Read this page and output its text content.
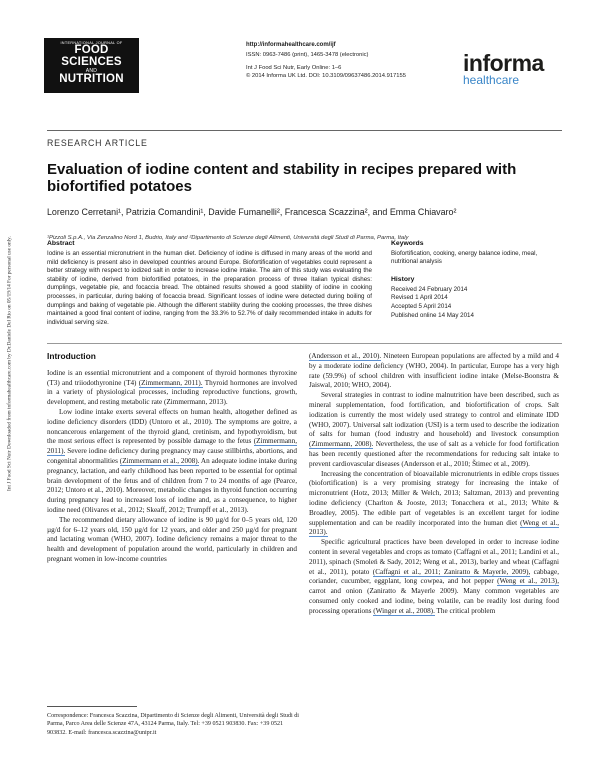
Int J Food Sci Nutr Downloaded from informahealthcare.com by Dr.Daniele Del Rio on 05/19/14 For personal use only.
INTERNATIONAL JOURNAL OF
FOOD
SCIENCES
AND
NUTRITION
http://informahealthcare.com/ijf
ISSN: 0963-7486 (print), 1465-3478 (electronic)
Int J Food Sci Nutr, Early Online: 1–6
© 2014 Informa UK Ltd. DOI: 10.3109/09637486.2014.917155	informa
healthcare
RESEARCH ARTICLE
Evaluation of iodine content and stability in recipes prepared with biofortified potatoes
Lorenzo Cerretani¹, Patrizia Comandini¹, Davide Fumanelli², Francesca Scazzina², and Emma Chiavaro²
¹Pizzoli S.p.A., Via Zenzalino Nord 1, Budrio, Italy and ²Dipartimento di Scienze degli Alimenti, Università degli Studi di Parma, Parma, Italy
Abstract
Iodine is an essential micronutrient in the human diet. Deficiency of iodine is diffused in many areas of the world and mild deficiency is present also in developed countries around Europe. Biofortification of vegetables could represent a better strategy with respect to iodized salt in order to increase iodine intake. The aim of this study was evaluating the stability of iodine, derived from biofortified potatoes, in the preparation process of three Italian typical dishes: dumplings, vegetable pie, and focaccia bread. The obtained results showed a good stability of iodine in cooking processes, in particular, during baking of focaccia bread. Significant losses of iodine were detected during boiling of dumplings and baking of vegetable pie. Although the different stability during the cooking processes, the three dishes maintained a good final content of iodine, ranging from the 33.3% to 52.7% of daily recommended intake in adults for individual serving size.
Keywords
Biofortification, cooking, energy balance iodine, meal, nutritional analysis
History
Received 24 February 2014
Revised 1 April 2014
Accepted 5 April 2014
Published online 14 May 2014
Introduction

Iodine is an essential micronutrient and a component of thyroid hormones thyroxine (T3) and triiodothyronine (T4) (Zimmermann, 2011). Thyroid hormones are involved in a variety of physiological processes, including reproductive functions, growth, development, and resting metabolic rate (Zimmermann, 2013).

Low iodine intake exerts several effects on human health, altogether defined as iodine deficiency disorders (IDD) (Untoro et al., 2010). The symptoms are goitre, a noncancerous enlargement of the thyroid gland, cretinism, and hypothyroidism, but the most serious effect is represented by possible damage to the fetus (Zimmermann, 2011). Severe iodine deficiency during pregnancy may cause stillbirths, abortions, and congenital abnormalities (Zimmermann et al., 2008). An adequate iodine intake during pregnancy, lactation, and early childhood has been reported to be essential for optimal brain development of the fetus and of children from 7 to 24 months of age (Pearce, 2012; Untoro et al., 2010). Moreover, metabolic changes in thyroid function occurring during pregnancy lead to increased loss of iodine and, as a consequence, to higher iodine need (Olivares et al., 2012; Skeaff, 2012; Trumpff et al., 2013).

The recommended dietary allowance of iodine is 90 µg/d for 0–5 years old, 120 µg/d for 6–12 years old, 150 µg/d for 12 years, and older and 250 µg/d for pregnant and lactating woman (WHO, 2007). Iodine deficiency remains a major threat to the health and development of population around the world, particularly in children and pregnant women in low-income countries

(Andersson et al., 2010). Nineteen European populations are affected by a mild and 4 by a moderate iodine deficiency (WHO, 2004). In particular, Europe has a very high rate (59.9%) of school children with insufficient iodine intake (Melse-Boonstra & Jaiswal, 2010; WHO, 2004).

Several strategies in contrast to iodine malnutrition have been described, such as mineral supplementation, food fortification, and biofortification of crops. Salt iodization is currently the most widely used strategy to control and eliminate IDD (WHO, 2007). Universal salt iodization (USI) is a term used to describe the iodization of salts for human (food industry and household) and livestock consumption (Zimmermann, 2008). Nevertheless, the use of salt as a vehicle for food fortification has been recently questioned after the recommendations for reducing salt intake to prevent cardiovascular diseases (Andersson et al., 2010; Štimec et al., 2009).

Increasing the concentration of bioavailable micronutrients in edible crops tissues (biofortification) is a very promising strategy for increasing the intake of micronutrient (Hotz, 2013; Miller & Welch, 2013; Saltzman, 2013) and preventing iodine deficiency (Charlton & Jooste, 2013; Tonacchera et al., 2013; White & Broadley, 2005). The edible part of vegetables is an excellent target for iodine supplementation and can be readily incorporated into the human diet (Weng et al., 2013).

Specific agricultural practices have been developed in order to increase iodine content in several vegetables and crops as tomato (Caffagni et al., 2011; Landini et al., 2011), spinach (Smoleń & Sady, 2012; Weng et al., 2013), barley and wheat (Caffagni et al., 2011), potato (Caffagni et al., 2011; Zaniratto & Mayerle, 2009), cabbage, coriander, cucumber, eggplant, long cowpea, and hot pepper (Weng et al., 2013), carrot and onion (Zaniratto & Mayerle 2009). Many common vegetables are consumed only cooked and iodine, being volatile, can be readily lost during food processing operations (Winger et al., 2008). The critical problem

Correspondence: Francesca Scazzina, Dipartimento di Scienze degli Alimenti, Università degli Studi di Parma, Parco Area delle Scienze 47A, 43124 Parma, Italy. Tel: +39 0521 903830. Fax: +39 0521 903832. E-mail: francesca.scazzina@unipr.it
